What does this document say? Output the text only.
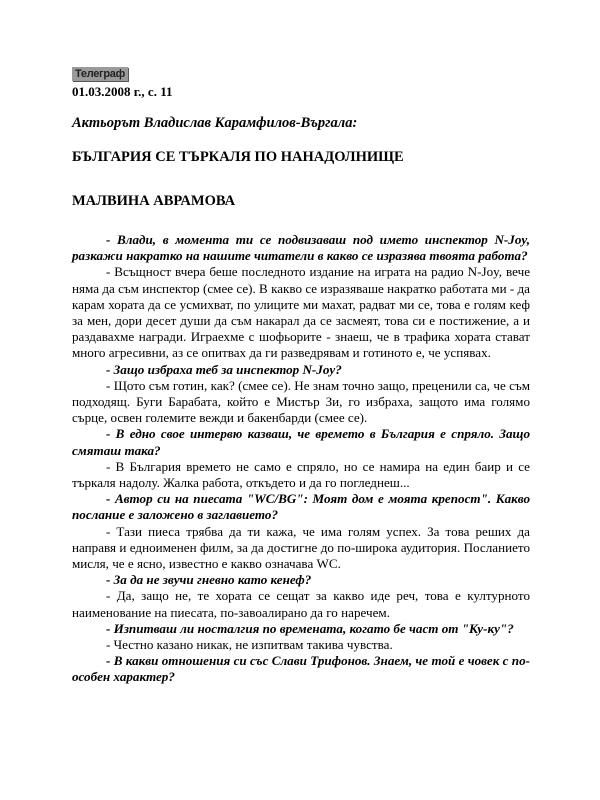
Телеграф
01.03.2008 г., с. 11
Актьорът Владислав Карамфилов-Въргала:
БЪЛГАРИЯ СЕ ТЪРКАЛЯ ПО НАНАДОЛНИЩЕ
МАЛВИНА АВРАМОВА

- Влади, в момента ти се подвизаваш под името инспектор N-Joy, разкажи накратко на нашите читатели в какво се изразява твоята работа?

- Всъщност вчера беше последното издание на играта на радио N-Joy, вече няма да съм инспектор (смее се). В какво се изразяваше накратко работата ми - да карам хората да се усмихват, по улиците ми махат, радват ми се, това е голям кеф за мен, дори десет души да съм накарал да се засмеят, това си е постижение, а и раздавахме награди. Играехме с шофьорите - знаеш, че в трафика хората стават много агресивни, аз се опитвах да ги разведрявам и готиното е, че успявах.

- Защо избраха теб за инспектор N-Joy?

- Щото съм готин, как? (смее се). Не знам точно защо, преценили са, че съм подходящ. Буги Барабата, който е Мистър Зи, го избраха, защото има голямо сърце, освен големите вежди и бакенбарди (смее се).

- В едно свое интервю казваш, че времето в България е спряло. Защо смяташ така?

- В България времето не само е спряло, но се намира на един баир и се търкаля надолу. Жалка работа, откъдето и да го погледнеш...

- Автор си на пиесата "WC/BG": Моят дом е моята крепост". Какво послание е заложено в заглавието?

- Тази пиеса трябва да ти кажа, че има голям успех. За това реших да направя и едноименен филм, за да достигне до по-широка аудитория. Посланието мисля, че е ясно, известно е какво означава WC.

- За да не звучи гневно като кенеф?

- Да, защо не, те хората се сещат за какво иде реч, това е културното наименование на пиесата, по-завоалирано да го наречем.

- Изпитваш ли носталгия по времената, когато бе част от "Ку-ку"?

- Честно казано никак, не изпитвам такива чувства.

- В какви отношения си със Слави Трифонов. Знаем, че той е човек с по-особен характер?
